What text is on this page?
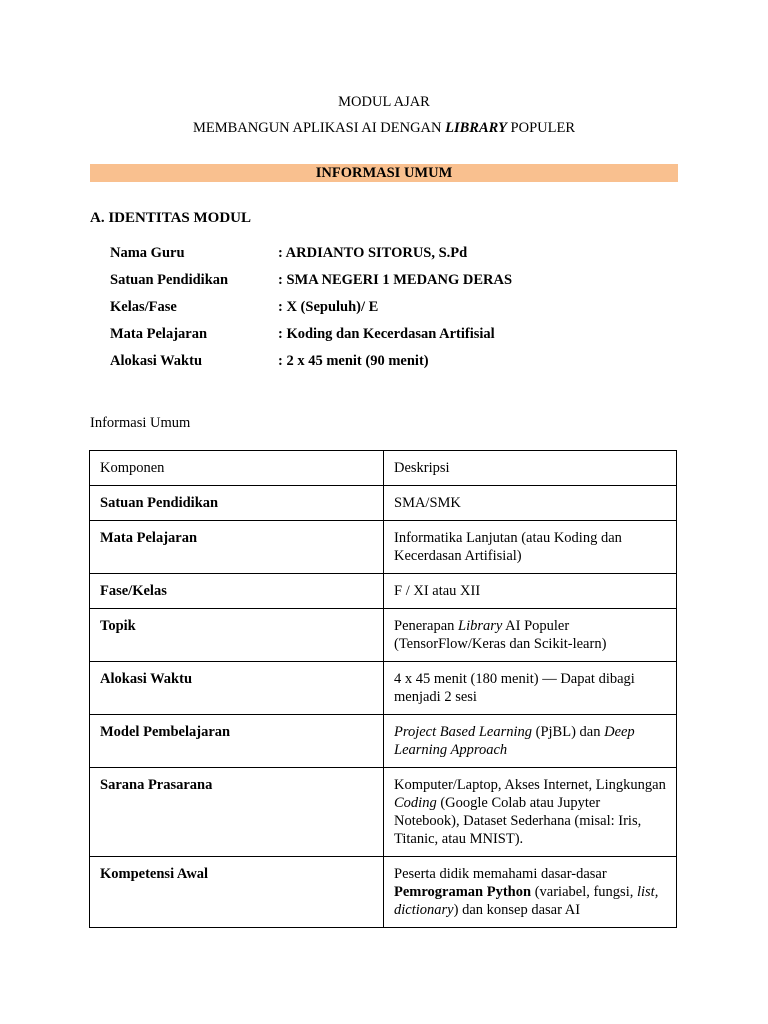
MODUL AJAR
MEMBANGUN APLIKASI AI DENGAN LIBRARY POPULER
INFORMASI UMUM
A. IDENTITAS MODUL
Nama Guru	: ARDIANTO SITORUS, S.Pd
Satuan Pendidikan	: SMA NEGERI 1 MEDANG DERAS
Kelas/Fase	: X (Sepuluh)/ E
Mata Pelajaran	: Koding dan Kecerdasan Artifisial
Alokasi Waktu	: 2 x 45 menit (90 menit)
Informasi Umum
Komponen	Deskripsi
Satuan Pendidikan	SMA/SMK
Mata Pelajaran	Informatika Lanjutan (atau Koding dan Kecerdasan Artifisial)
Fase/Kelas	F / XI atau XII
Topik	Penerapan Library AI Populer (TensorFlow/Keras dan Scikit-learn)
Alokasi Waktu	4 x 45 menit (180 menit) — Dapat dibagi menjadi 2 sesi
Model Pembelajaran	Project Based Learning (PjBL) dan Deep Learning Approach
Sarana Prasarana	Komputer/Laptop, Akses Internet, Lingkungan Coding (Google Colab atau Jupyter Notebook), Dataset Sederhana (misal: Iris, Titanic, atau MNIST).
Kompetensi Awal	Peserta didik memahami dasar-dasar Pemrograman Python (variabel, fungsi, list, dictionary) dan konsep dasar AI
